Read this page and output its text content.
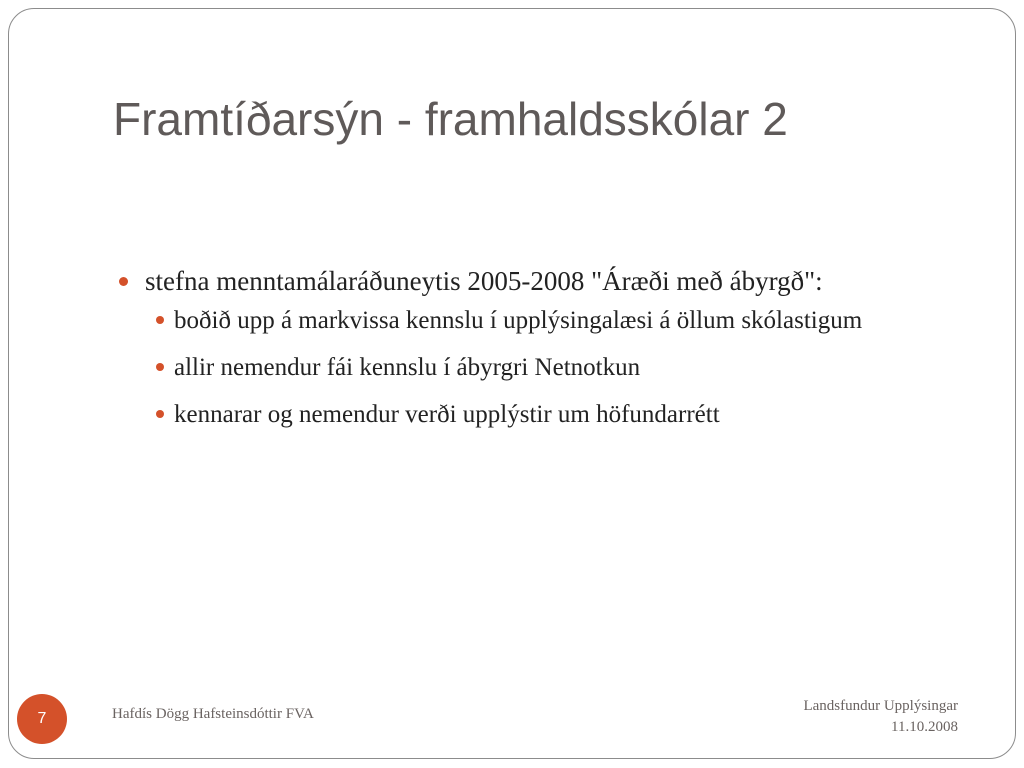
Framtíðarsýn - framhaldsskólar 2
stefna menntamálaráðuneytis 2005-2008 "Áræði með ábyrgð":
boðið upp á markvissa kennslu í upplýsingalæsi á öllum skólastigum
allir nemendur fái kennslu í ábyrgri Netnotkun
kennarar og nemendur verði upplýstir um höfundarrétt
7	Hafdís Dögg Hafsteinsdóttir FVA	Landsfundur Upplýsingar
11.10.2008
